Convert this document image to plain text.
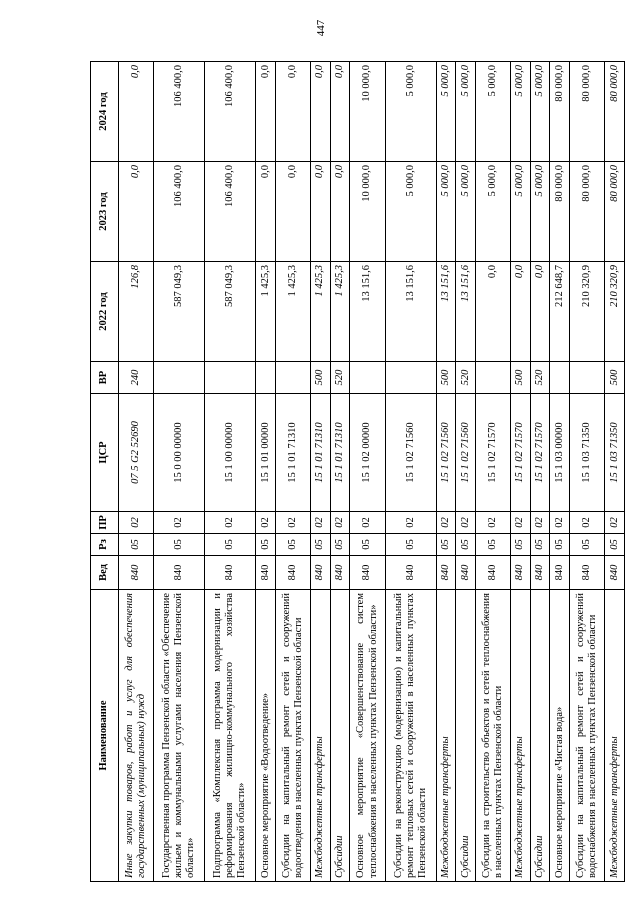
447
Наименование	Вед	Рз	ПР	ЦСР	ВР	2022 год	2023 год	2024 год
Иные закупки товаров, работ и услуг для обеспечения государственных (муниципальных) нужд	840	05	02	07 5 G2 52690	240	126,8	0,0	0,0
Государственная программа Пензенской области «Обеспечение жильем и коммунальными услугами населения Пензенской области»	840	05	02	15 0 00 00000		587 049,3	106 400,0	106 400,0
Подпрограмма «Комплексная программа модернизации и реформирования жилищно-коммунального хозяйства Пензенской области»	840	05	02	15 1 00 00000		587 049,3	106 400,0	106 400,0
Основное мероприятие «Водоотведение»	840	05	02	15 1 01 00000		1 425,3	0,0	0,0
Субсидии на капитальный ремонт сетей и сооружений водоотведения в населенных пунктах Пензенской области	840	05	02	15 1 01 71310		1 425,3	0,0	0,0
Межбюджетные трансферты	840	05	02	15 1 01 71310	500	1 425,3	0,0	0,0
Субсидии	840	05	02	15 1 01 71310	520	1 425,3	0,0	0,0
Основное мероприятие «Совершенствование систем теплоснабжения в населенных пунктах Пензенской области»	840	05	02	15 1 02 00000		13 151,6	10 000,0	10 000,0
Субсидии на реконструкцию (модернизацию) и капитальный ремонт тепловых сетей и сооружений в населенных пунктах Пензенской области	840	05	02	15 1 02 71560		13 151,6	5 000,0	5 000,0
Межбюджетные трансферты	840	05	02	15 1 02 71560	500	13 151,6	5 000,0	5 000,0
Субсидии	840	05	02	15 1 02 71560	520	13 151,6	5 000,0	5 000,0
Субсидии на строительство объектов и сетей теплоснабжения в населенных пунктах Пензенской области	840	05	02	15 1 02 71570		0,0	5 000,0	5 000,0
Межбюджетные трансферты	840	05	02	15 1 02 71570	500	0,0	5 000,0	5 000,0
Субсидии	840	05	02	15 1 02 71570	520	0,0	5 000,0	5 000,0
Основное мероприятие «Чистая вода»	840	05	02	15 1 03 00000		212 648,7	80 000,0	80 000,0
Субсидии на капитальный ремонт сетей и сооружений водоснабжения в населенных пунктах Пензенской области	840	05	02	15 1 03 71350		210 320,9	80 000,0	80 000,0
Межбюджетные трансферты	840	05	02	15 1 03 71350	500	210 320,9	80 000,0	80 000,0
